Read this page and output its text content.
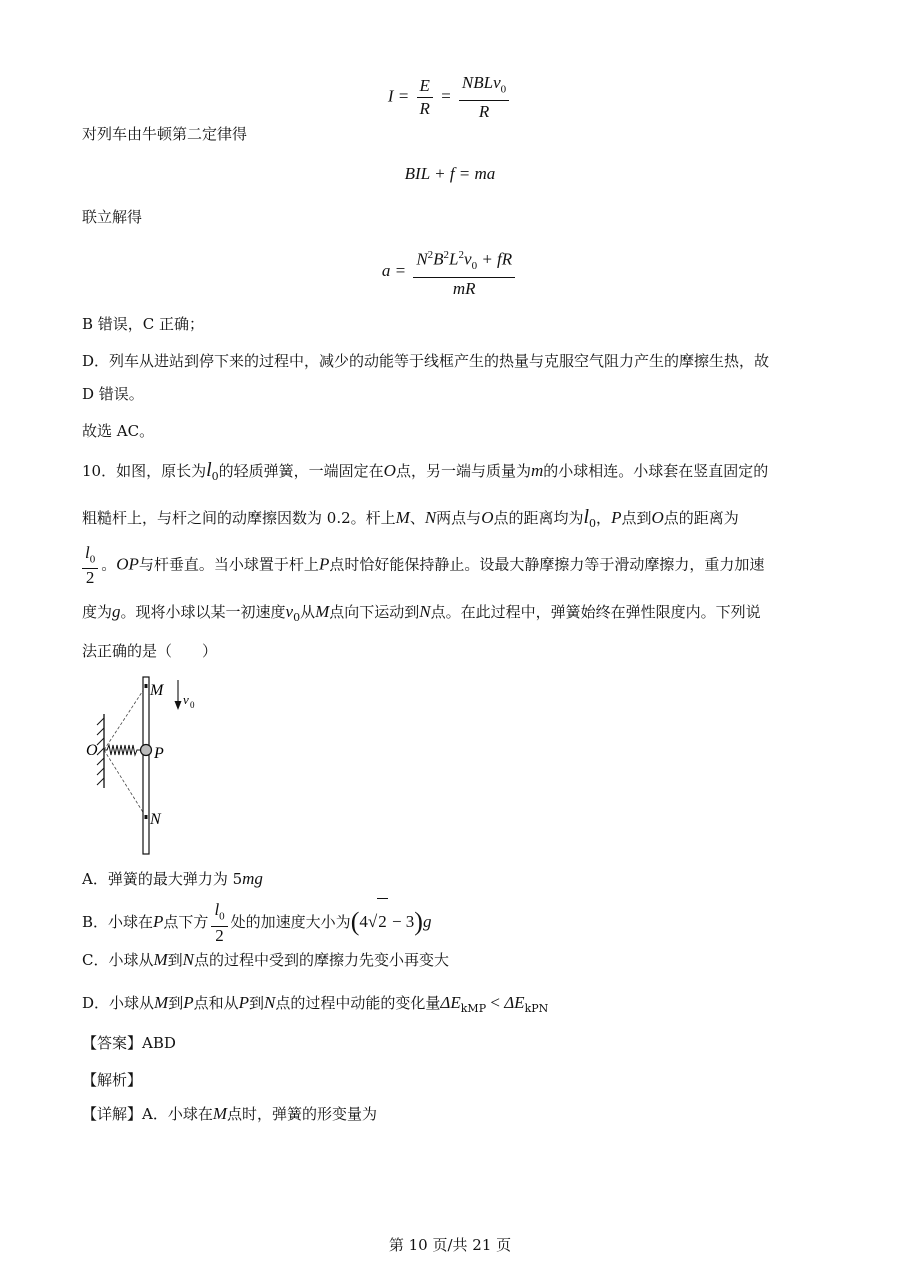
$I = \frac{E}{R} = \frac{NBLv_0}{R}$
对列车由牛顿第二定律得
BIL + f = ma
联立解得
$a = \frac{N^2B^2L^2v_0 + fR}{mR}$
B 错误，C 正确；
D．列车从进站到停下来的过程中，减少的动能等于线框产生的热量与克服空气阻力产生的摩擦生热，故
D 错误。
故选 AC。
10．如图，原长为$l_0$的轻质弹簧，一端固定在O点，另一端与质量为m的小球相连。小球套在竖直固定的
粗糙杆上，与杆之间的动摩擦因数为 0.2。杆上M、N两点与O点的距离均为$l_0$，P点到O点的距离为
$\frac{l_0}{2}$ 。OP与杆垂直。当小球置于杆上P点时恰好能保持静止。设最大静摩擦力等于滑动摩擦力，重力加速
度为g。现将小球以某一初速度$v_0$从M点向下运动到N点。在此过程中，弹簧始终在弹性限度内。下列说
法正确的是（　　）
M
N
O	P
v 0
A．弹簧的最大弹力为 5mg
B．小球在P点下方 $\frac{l_0}{2}$ 处的加速度大小为(4√2 − 3)g
C．小球从M到N点的过程中受到的摩擦力先变小再变大
D．小球从M到P点和从P到N点的过程中动能的变化量$\Delta E_{kMP} < \Delta E_{kPN}$
【答案】ABD
【解析】
【详解】A．小球在M点时，弹簧的形变量为
第 10 页/共 21 页
